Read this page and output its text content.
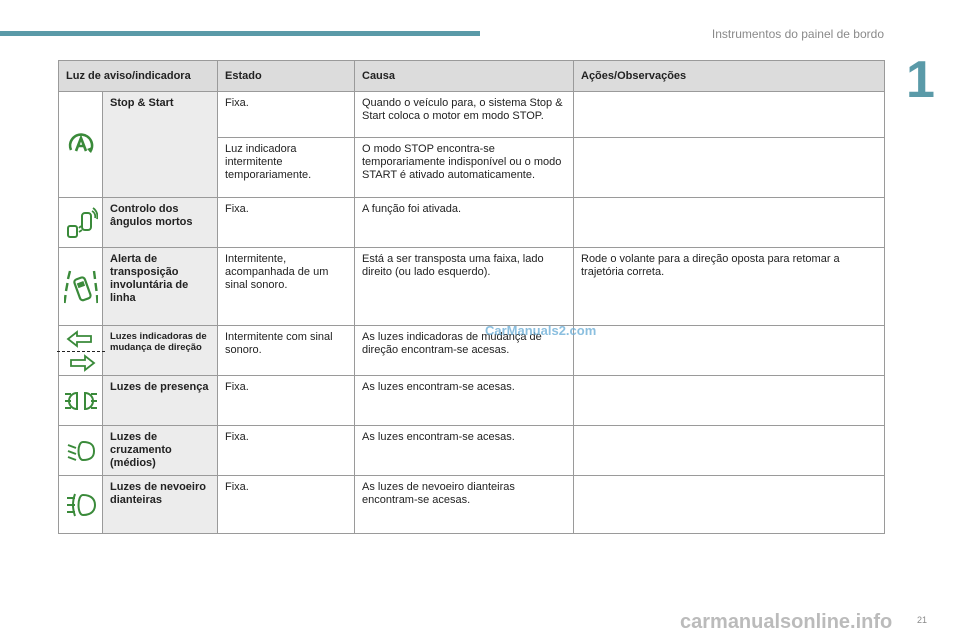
Instrumentos do painel de bordo
1
Luz de aviso/indicadora		Estado	Causa	Ações/Observações

	Stop & Start	Fixa.	Quando o veículo para, o sistema Stop & Start coloca o motor em modo STOP.	
		Luz indicadora intermitente temporariamente.	O modo STOP encontra-se temporariamente indisponível ou o modo START é ativado automaticamente.	

	Controlo dos ângulos mortos	Fixa.	A função foi ativada.	

	Alerta de transposição involuntária de linha	Intermitente, acompanhada de um sinal sonoro.	Está a ser transposta uma faixa, lado direito (ou lado esquerdo).	Rode o volante para a direção oposta para retomar a trajetória correta.

	Luzes indicadoras de mudança de direção	Intermitente com sinal sonoro.	As luzes indicadoras de mudança de direção encontram-se acesas.	

	Luzes de presença	Fixa.	As luzes encontram-se acesas.	

	Luzes de cruzamento (médios)	Fixa.	As luzes encontram-se acesas.	

	Luzes de nevoeiro dianteiras	Fixa.	As luzes de nevoeiro dianteiras encontram-se acesas.	
CarManuals2.com
21
carmanualsonline.info
